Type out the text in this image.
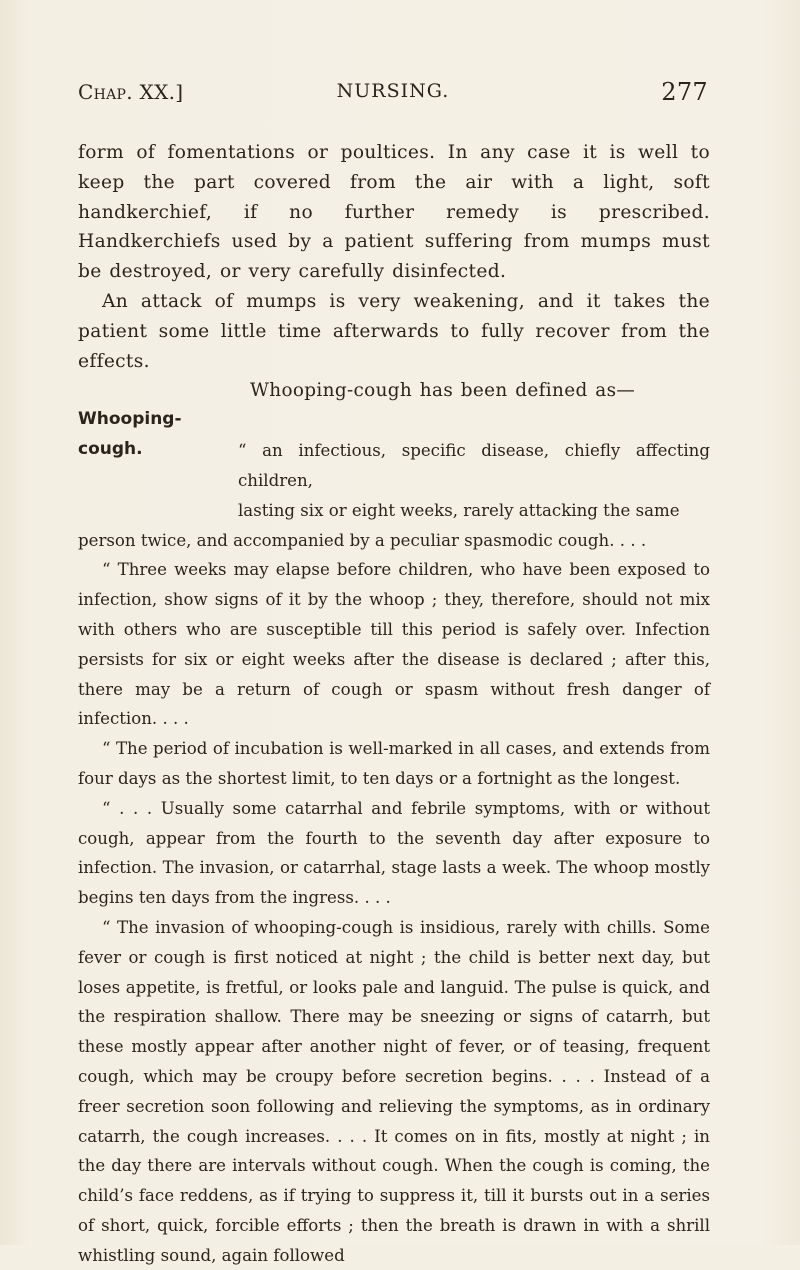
Chap. XX.]	NURSING.	277

form of fomentations or poultices. In any case it is well to keep the part covered from the air with a light, soft handkerchief, if no further remedy is prescribed. Handkerchiefs used by a patient suffering from mumps must be destroyed, or very carefully disinfected.

An attack of mumps is very weakening, and it takes the patient some little time afterwards to fully recover from the effects.

Whooping-cough has been defined as—
Whooping-
cough.	“ an infectious, specific disease, chiefly affecting children,
lasting six or eight weeks, rarely attacking the same

person twice, and accompanied by a peculiar spasmodic cough. . . .

“ Three weeks may elapse before children, who have been exposed to infection, show signs of it by the whoop ; they, therefore, should not mix with others who are susceptible till this period is safely over. Infection persists for six or eight weeks after the disease is declared ; after this, there may be a return of cough or spasm without fresh danger of infection. . . .

“ The period of incubation is well-marked in all cases, and extends from four days as the shortest limit, to ten days or a fortnight as the longest.

“ . . . Usually some catarrhal and febrile symptoms, with or without cough, appear from the fourth to the seventh day after exposure to infection. The invasion, or catarrhal, stage lasts a week. The whoop mostly begins ten days from the ingress. . . .

“ The invasion of whooping-cough is insidious, rarely with chills. Some fever or cough is first noticed at night ; the child is better next day, but loses appetite, is fretful, or looks pale and languid. The pulse is quick, and the respiration shallow. There may be sneezing or signs of catarrh, but these mostly appear after another night of fever, or of teasing, frequent cough, which may be croupy before secretion begins. . . . Instead of a freer secretion soon following and relieving the symptoms, as in ordinary catarrh, the cough increases. . . . It comes on in fits, mostly at night ; in the day there are intervals without cough. When the cough is coming, the child’s face reddens, as if trying to suppress it, till it bursts out in a series of short, quick, forcible efforts ; then the breath is drawn in with a shrill whistling sound, again followed
